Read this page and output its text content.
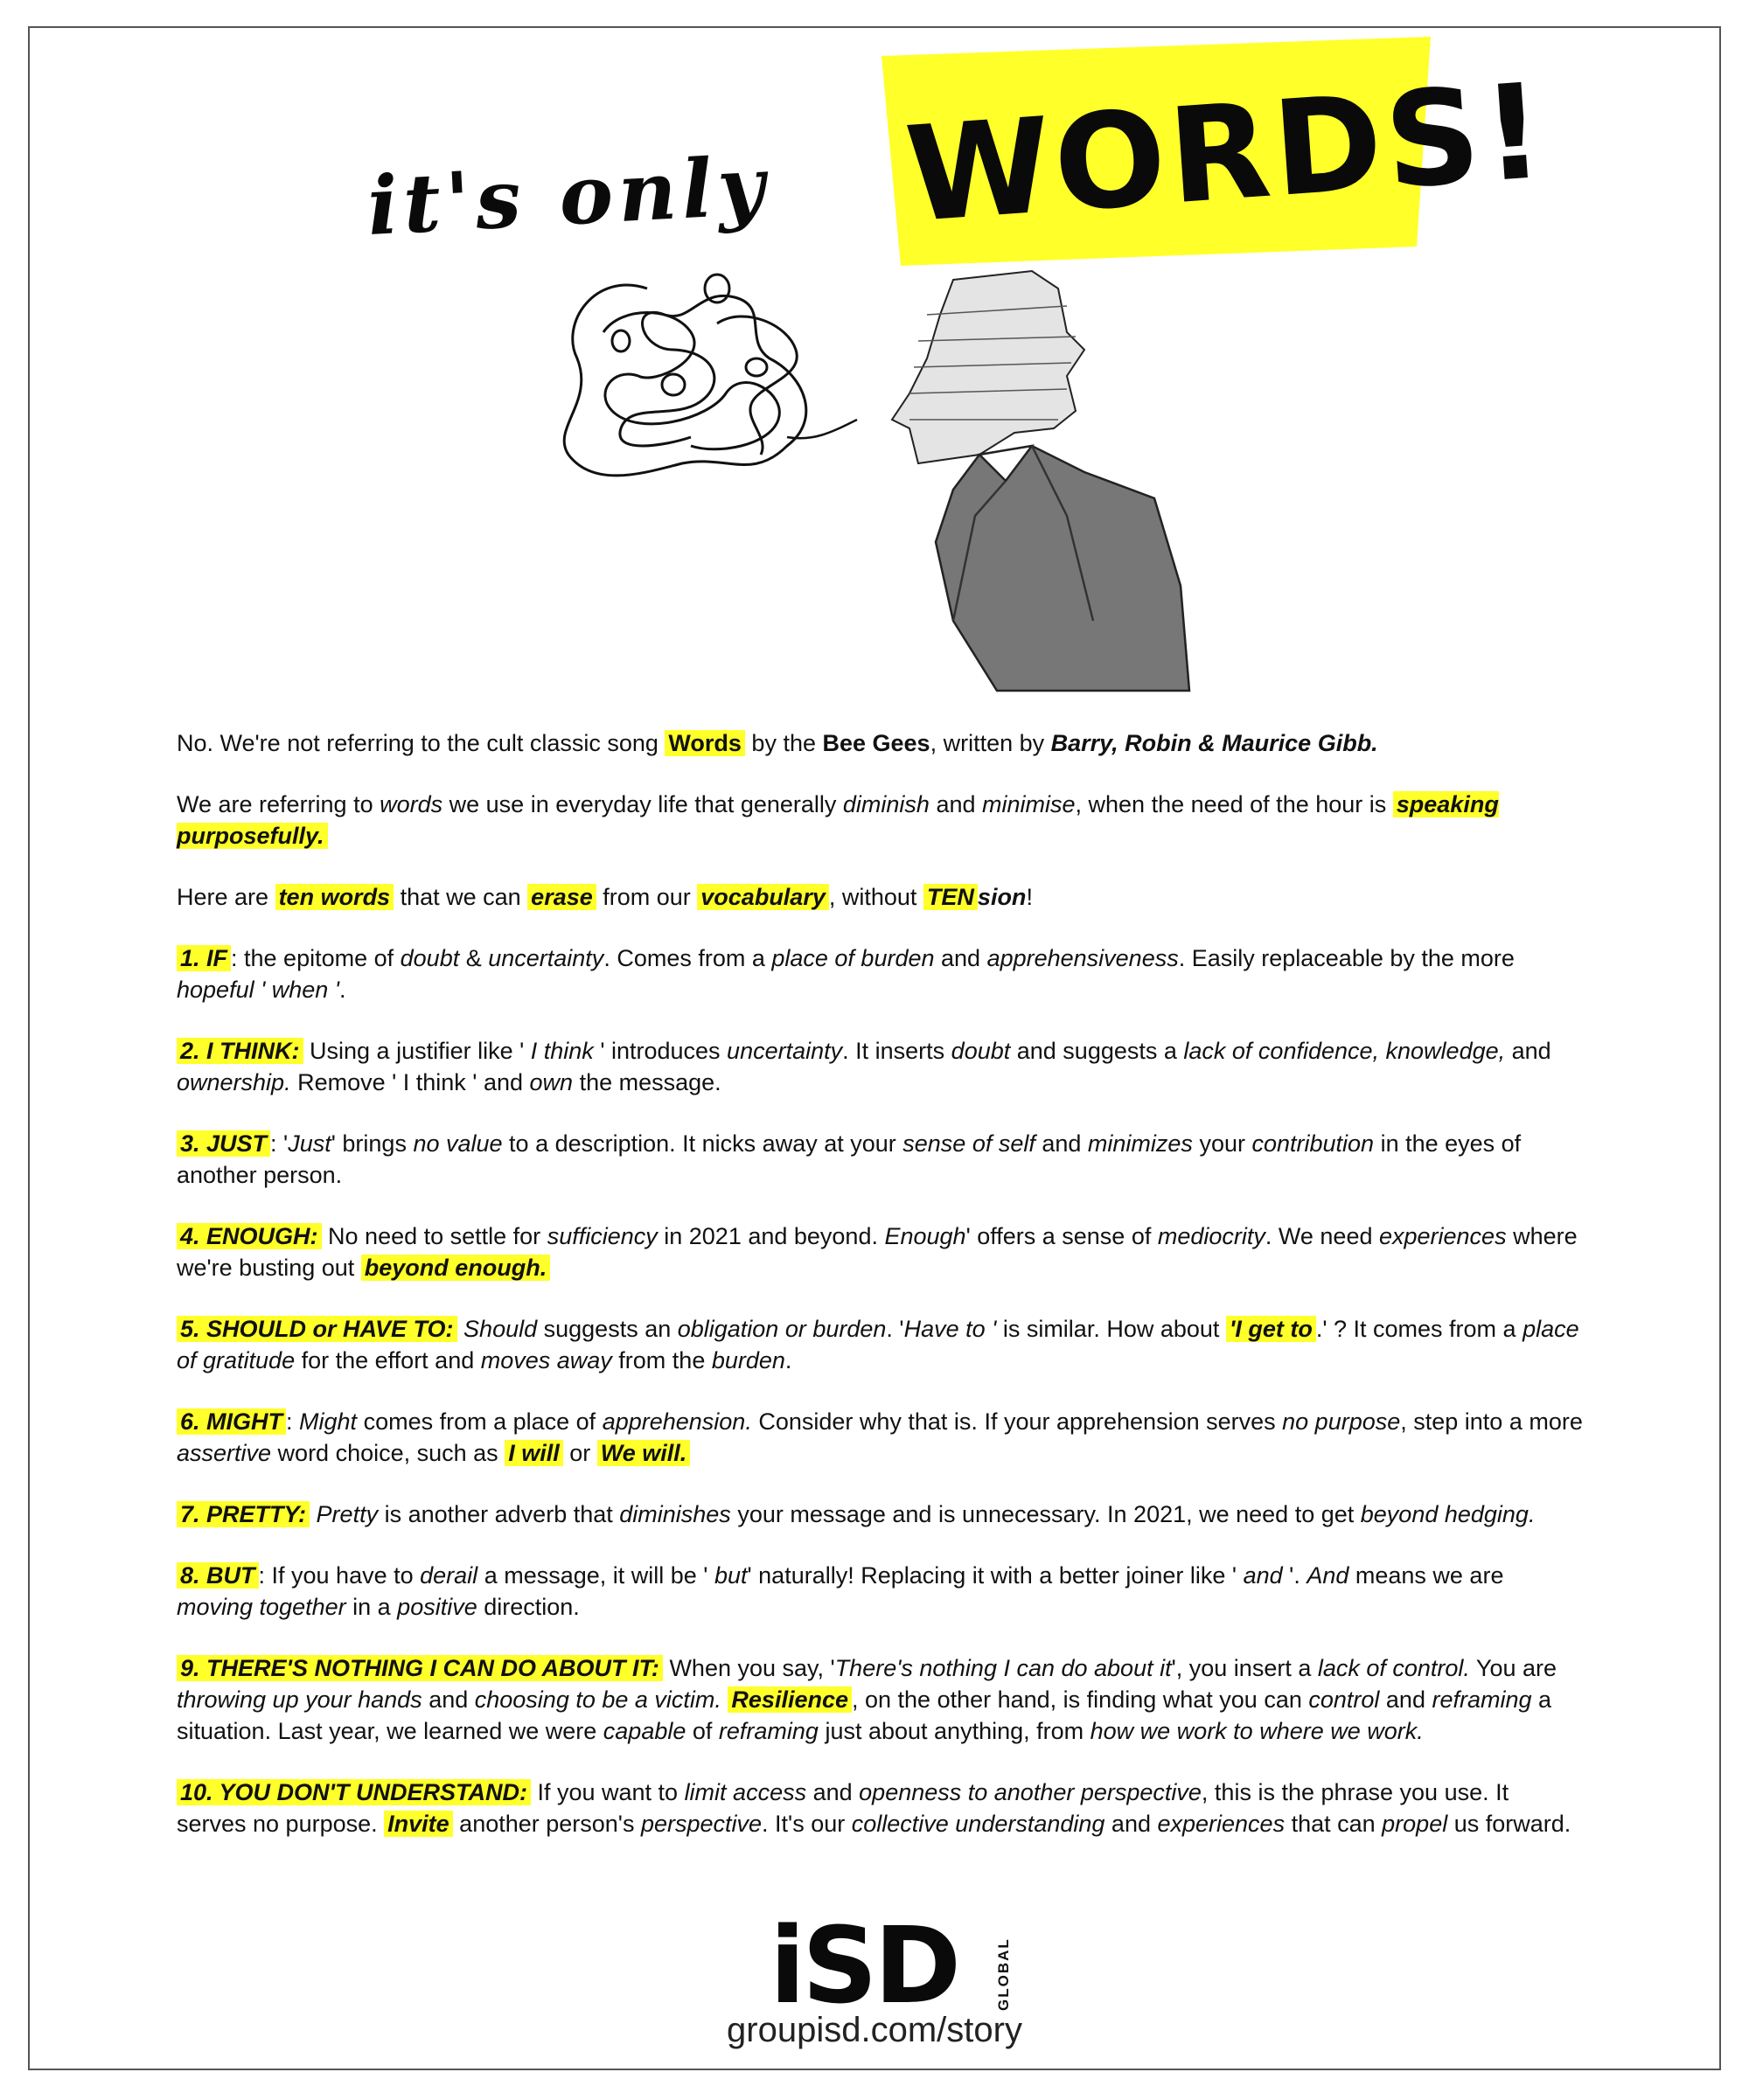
it's only WORDS!

No. We're not referring to the cult classic song Words by the Bee Gees, written by Barry, Robin & Maurice Gibb.

We are referring to words we use in everyday life that generally diminish and minimise, when the need of the hour is speaking purposefully.

Here are ten words that we can erase from our vocabulary , without TEN sion!

1. IF : the epitome of doubt & uncertainty. Comes from a place of burden and apprehensiveness. Easily replaceable by the more hopeful ' when '.

2. I THINK: Using a justifier like ' I think ' introduces uncertainty. It inserts doubt and suggests a lack of confidence, knowledge, and ownership. Remove ' I think ' and own the message.

3. JUST : 'Just' brings no value to a description. It nicks away at your sense of self and minimizes your contribution in the eyes of another person.

4. ENOUGH: No need to settle for sufficiency in 2021 and beyond. Enough' offers a sense of mediocrity. We need experiences where we're busting out beyond enough.

5. SHOULD or HAVE TO: Should suggests an obligation or burden. 'Have to ' is similar. How about 'I get to .' ? It comes from a place of gratitude for the effort and moves away from the burden.

6. MIGHT : Might comes from a place of apprehension. Consider why that is. If your apprehension serves no purpose, step into a more assertive word choice, such as I will or We will.

7. PRETTY: Pretty is another adverb that diminishes your message and is unnecessary. In 2021, we need to get beyond hedging.

8. BUT : If you have to derail a message, it will be ' but' naturally! Replacing it with a better joiner like ' and '. And means we are moving together in a positive direction.

9. THERE'S NOTHING I CAN DO ABOUT IT: When you say, 'There's nothing I can do about it', you insert a lack of control. You are throwing up your hands and choosing to be a victim. Resilience , on the other hand, is finding what you can control and reframing a situation. Last year, we learned we were capable of reframing just about anything, from how we work to where we work.

10. YOU DON'T UNDERSTAND: If you want to limit access and openness to another perspective, this is the phrase you use. It serves no purpose. Invite another person's perspective. It's our collective understanding and experiences that can propel us forward.

iSD	GLOBAL
groupisd.com/story
